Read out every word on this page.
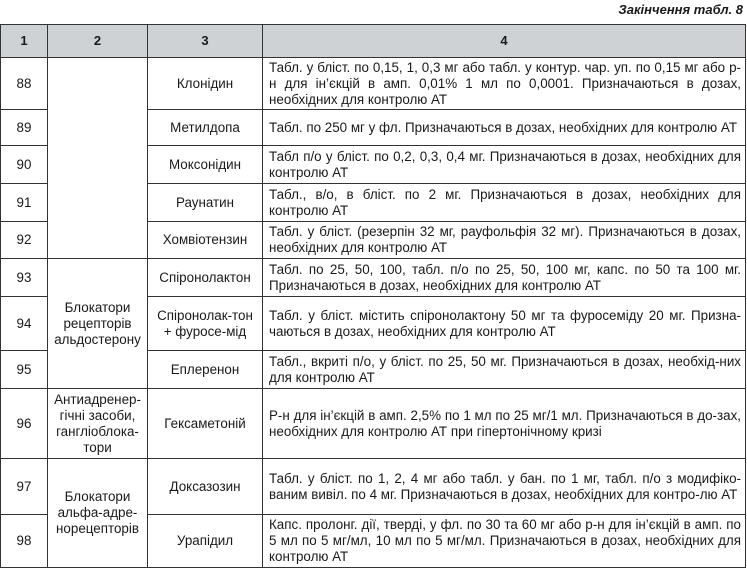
Закінчення табл. 8
1	2	3	4
88		Клонідин	Табл. у бліст. по 0,15, 1, 0,3 мг або табл. у контур. чар. уп. по 0,15 мг або р-н для ін’єкцій в амп. 0,01% 1 мл по 0,0001. Призначаються в дозах, необхідних для контролю АТ
89		Метилдопа	Табл. по 250 мг у фл. Призначаються в дозах, необхідних для контролю АТ
90		Моксонідин	Табл п/о у бліст. по 0,2, 0,3, 0,4 мг. Призначаються в дозах, необхідних для контролю АТ
91		Раунатин	Табл., в/о, в бліст. по 2 мг. Призначаються в дозах, необхідних для контролю АТ
92		Хомвіотензин	Табл. у бліст. (резерпін 32 мг, рауфольфія 32 мг). Призначаються в дозах, необхідних для контролю АТ
93	Блокатори рецепторів альдостерону	Спіронолактон	Табл. по 25, 50, 100, табл. п/о по 25, 50, 100 мг, капс. по 50 та 100 мг. Призначаються в дозах, необхідних для контролю АТ
94		Спіронолак-тон + фуросе-мід	Табл. у бліст. містить спіронолактону 50 мг та фуросеміду 20 мг. Призна-чаються в дозах, необхідних для контролю АТ
95		Еплеренон	Табл., вкриті п/о, у бліст. по 25, 50 мг. Призначаються в дозах, необхід-них для контролю АТ
96	Антиадренер-гічні засоби, гангліоблока-тори	Гексаметоній	Р-н для ін’єкцій в амп. 2,5% по 1 мл по 25 мг/1 мл. Призначаються в до-зах, необхідних для контролю АТ при гіпертонічному кризі
97	Блокатори альфа-адре-норецепторів	Доксазозин	Табл. у бліст. по 1, 2, 4 мг або табл. у бан. по 1 мг, табл. п/о з модифіко-ваним вивіл. по 4 мг. Призначаються в дозах, необхідних для контро-лю АТ
98		Урапідил	Капс. пролонг. дії, тверді, у фл. по 30 та 60 мг або р-н для ін’єкцій в амп. по 5 мл по 5 мг/мл, 10 мл по 5 мг/мл. Призначаються в дозах, необхідних для контролю АТ
